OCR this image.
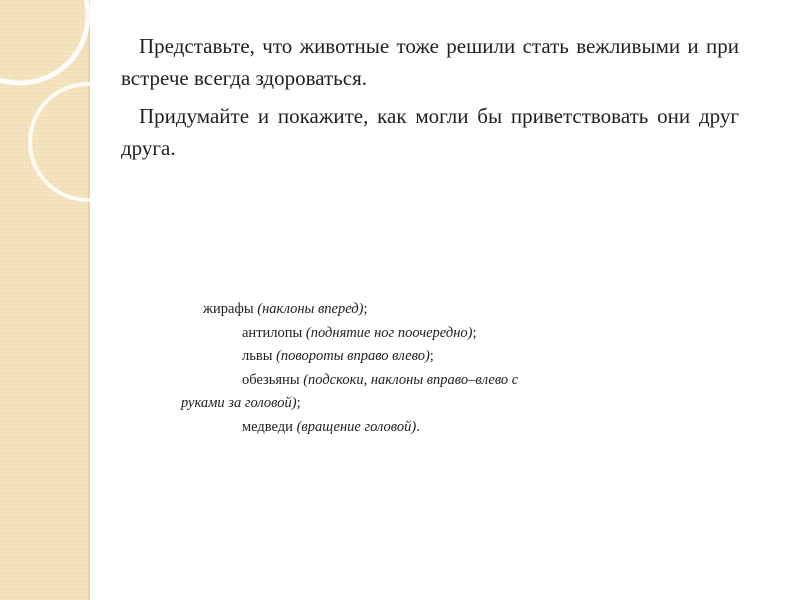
Представьте, что животные тоже решили стать вежливыми и при встрече всегда здороваться.

Придумайте и покажите, как могли бы приветствовать они друг друга.

жирафы (наклоны вперед);
антилопы (поднятие ног поочередно);
львы (повороты вправо влево);
обезьяны (подскоки, наклоны вправо–влево с
руками за головой);
медведи (вращение головой).
